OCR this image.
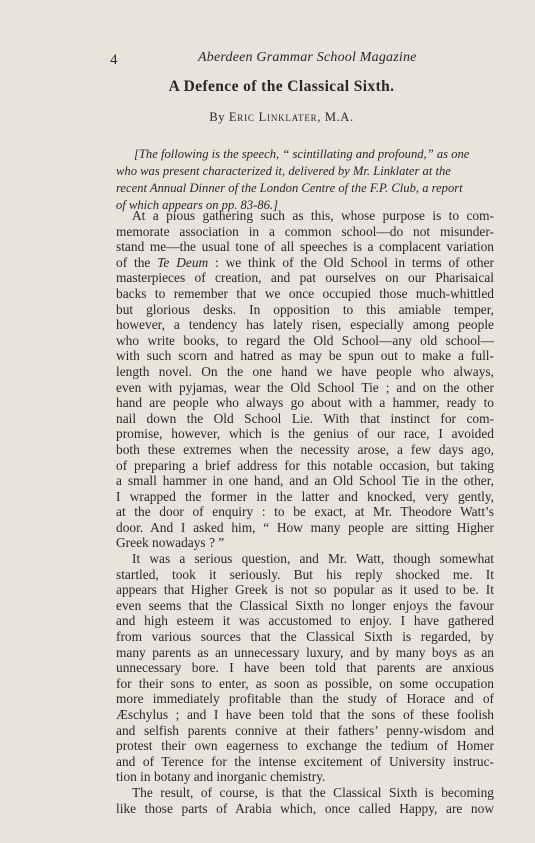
4	Aberdeen Grammar School Magazine
A Defence of the Classical Sixth.
By Eric Linklater, M.A.
[The following is the speech, “ scintillating and profound,” as one
who was present characterized it, delivered by Mr. Linklater at the
recent Annual Dinner of the London Centre of the F.P. Club, a report
of which appears on pp. 83-86.]
At a pious gathering such as this, whose purpose is to com-
memorate association in a common school—do not misunder-
stand me—the usual tone of all speeches is a complacent variation
of the Te Deum : we think of the Old School in terms of other
masterpieces of creation, and pat ourselves on our Pharisaical
backs to remember that we once occupied those much-whittled
but glorious desks. In opposition to this amiable temper,
however, a tendency has lately risen, especially among people
who write books, to regard the Old School—any old school—
with such scorn and hatred as may be spun out to make a full-
length novel. On the one hand we have people who always,
even with pyjamas, wear the Old School Tie ; and on the other
hand are people who always go about with a hammer, ready to
nail down the Old School Lie. With that instinct for com-
promise, however, which is the genius of our race, I avoided
both these extremes when the necessity arose, a few days ago,
of preparing a brief address for this notable occasion, but taking
a small hammer in one hand, and an Old School Tie in the other,
I wrapped the former in the latter and knocked, very gently,
at the door of enquiry : to be exact, at Mr. Theodore Watt’s
door. And I asked him, “ How many people are sitting Higher
Greek nowadays ? ”
It was a serious question, and Mr. Watt, though somewhat
startled, took it seriously. But his reply shocked me. It
appears that Higher Greek is not so popular as it used to be. It
even seems that the Classical Sixth no longer enjoys the favour
and high esteem it was accustomed to enjoy. I have gathered
from various sources that the Classical Sixth is regarded, by
many parents as an unnecessary luxury, and by many boys as an
unnecessary bore. I have been told that parents are anxious
for their sons to enter, as soon as possible, on some occupation
more immediately profitable than the study of Horace and of
Æschylus ; and I have been told that the sons of these foolish
and selfish parents connive at their fathers’ penny-wisdom and
protest their own eagerness to exchange the tedium of Homer
and of Terence for the intense excitement of University instruc-
tion in botany and inorganic chemistry.
The result, of course, is that the Classical Sixth is becoming
like those parts of Arabia which, once called Happy, are now
